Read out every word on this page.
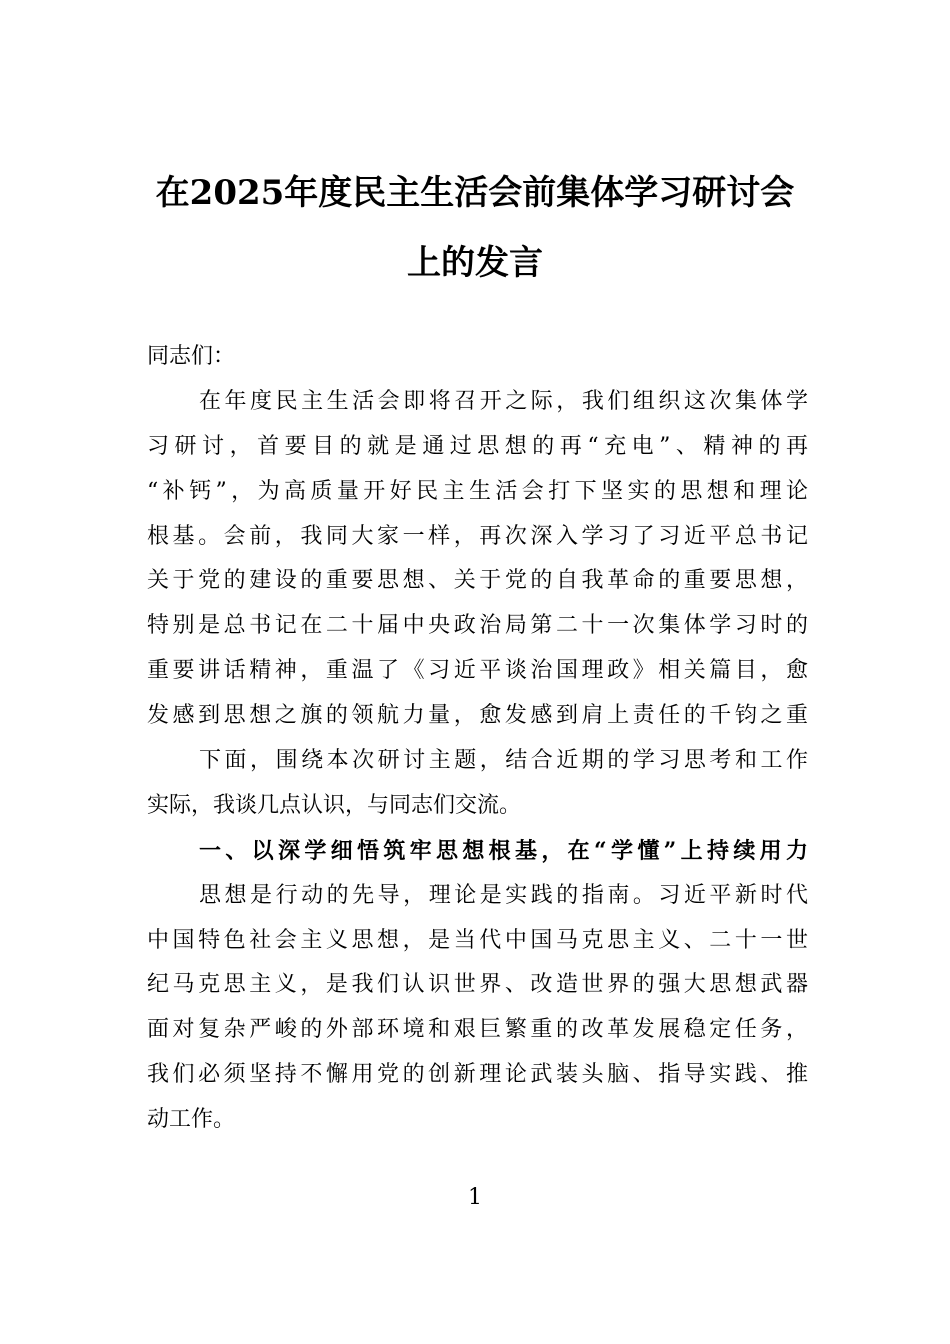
在2025年度民主生活会前集体学习研讨会
上的发言
同志们：
在年度民主生活会即将召开之际，我们组织这次集体学
习研讨，首要目的就是通过思想的再“充电”、精神的再
“补钙”，为高质量开好民主生活会打下坚实的思想和理论
根基。会前，我同大家一样，再次深入学习了习近平总书记
关于党的建设的重要思想、关于党的自我革命的重要思想，
特别是总书记在二十届中央政治局第二十一次集体学习时的
重要讲话精神，重温了《习近平谈治国理政》相关篇目，愈
发感到思想之旗的领航力量，愈发感到肩上责任的千钧之重
下面，围绕本次研讨主题，结合近期的学习思考和工作
实际，我谈几点认识，与同志们交流。
一、以深学细悟筑牢思想根基，在“学懂”上持续用力
思想是行动的先导，理论是实践的指南。习近平新时代
中国特色社会主义思想，是当代中国马克思主义、二十一世
纪马克思主义，是我们认识世界、改造世界的强大思想武器
面对复杂严峻的外部环境和艰巨繁重的改革发展稳定任务，
我们必须坚持不懈用党的创新理论武装头脑、指导实践、推
动工作。
1
